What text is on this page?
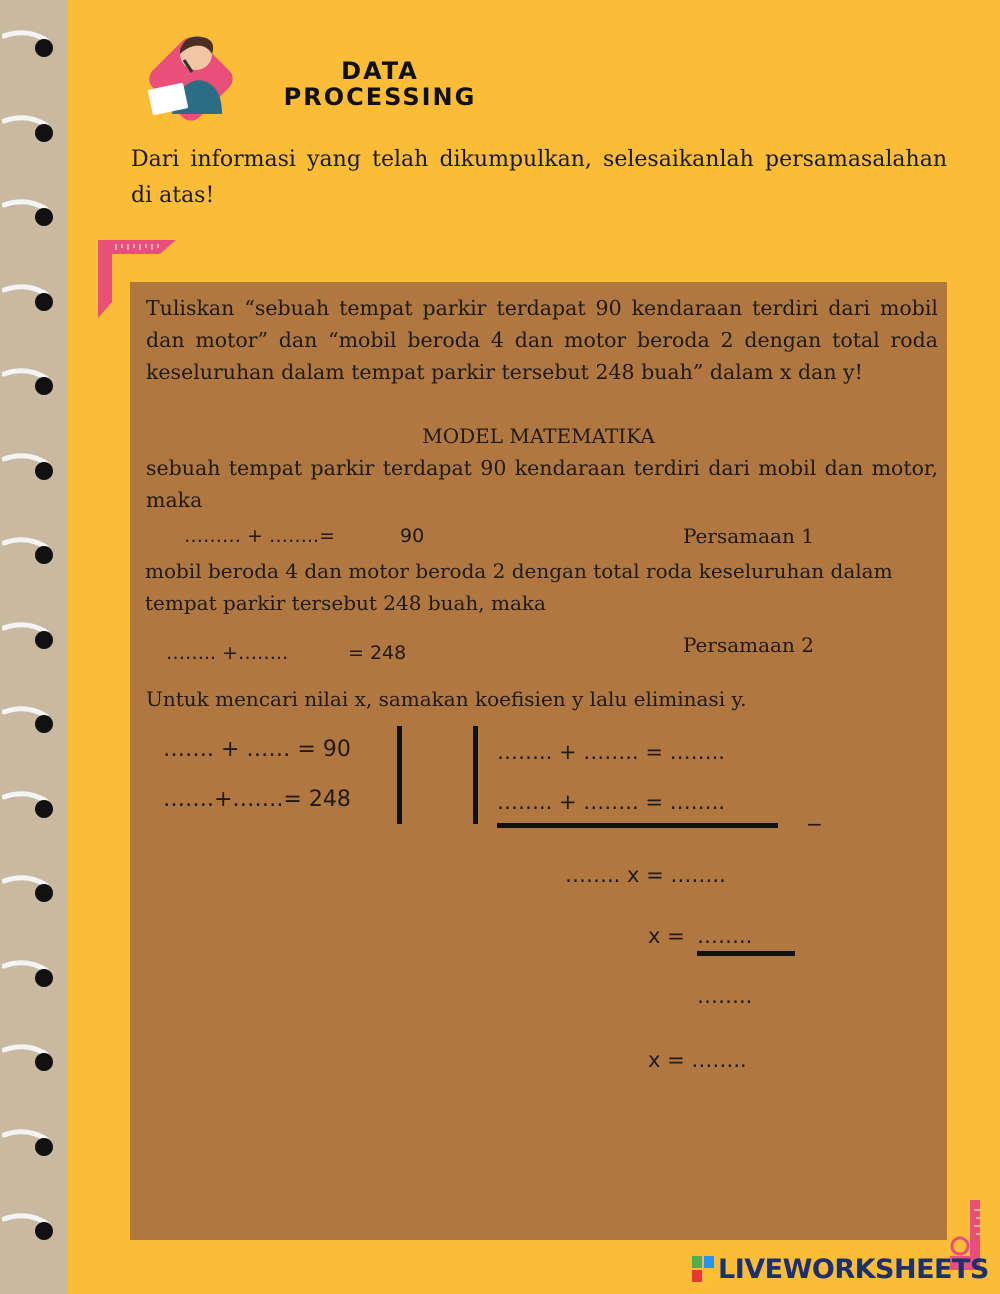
DATA
PROCESSING
Dari informasi yang telah dikumpulkan, selesaikanlah persamasalahan di atas!
Tuliskan “sebuah tempat parkir terdapat 90 kendaraan terdiri dari mobil dan motor” dan “mobil beroda 4 dan motor beroda 2 dengan total roda keseluruhan dalam tempat parkir tersebut 248 buah” dalam x dan y!
MODEL MATEMATIKA
sebuah tempat parkir terdapat 90 kendaraan terdiri dari mobil dan motor, maka
……… + ……..=	90	Persamaan 1
mobil beroda 4 dan motor beroda 2 dengan total roda keseluruhan dalam tempat parkir tersebut 248 buah, maka
…….. +……..	= 248	Persamaan 2
Untuk mencari nilai x, samakan koefisien y lalu eliminasi y.
……. + …… = 90
…….+…….= 248
…….. + …….. = ……..
…….. + …….. = ……..
−
…….. x = ……..
x = ……..
……..
x = ……..
LIVEWORKSHEETS
